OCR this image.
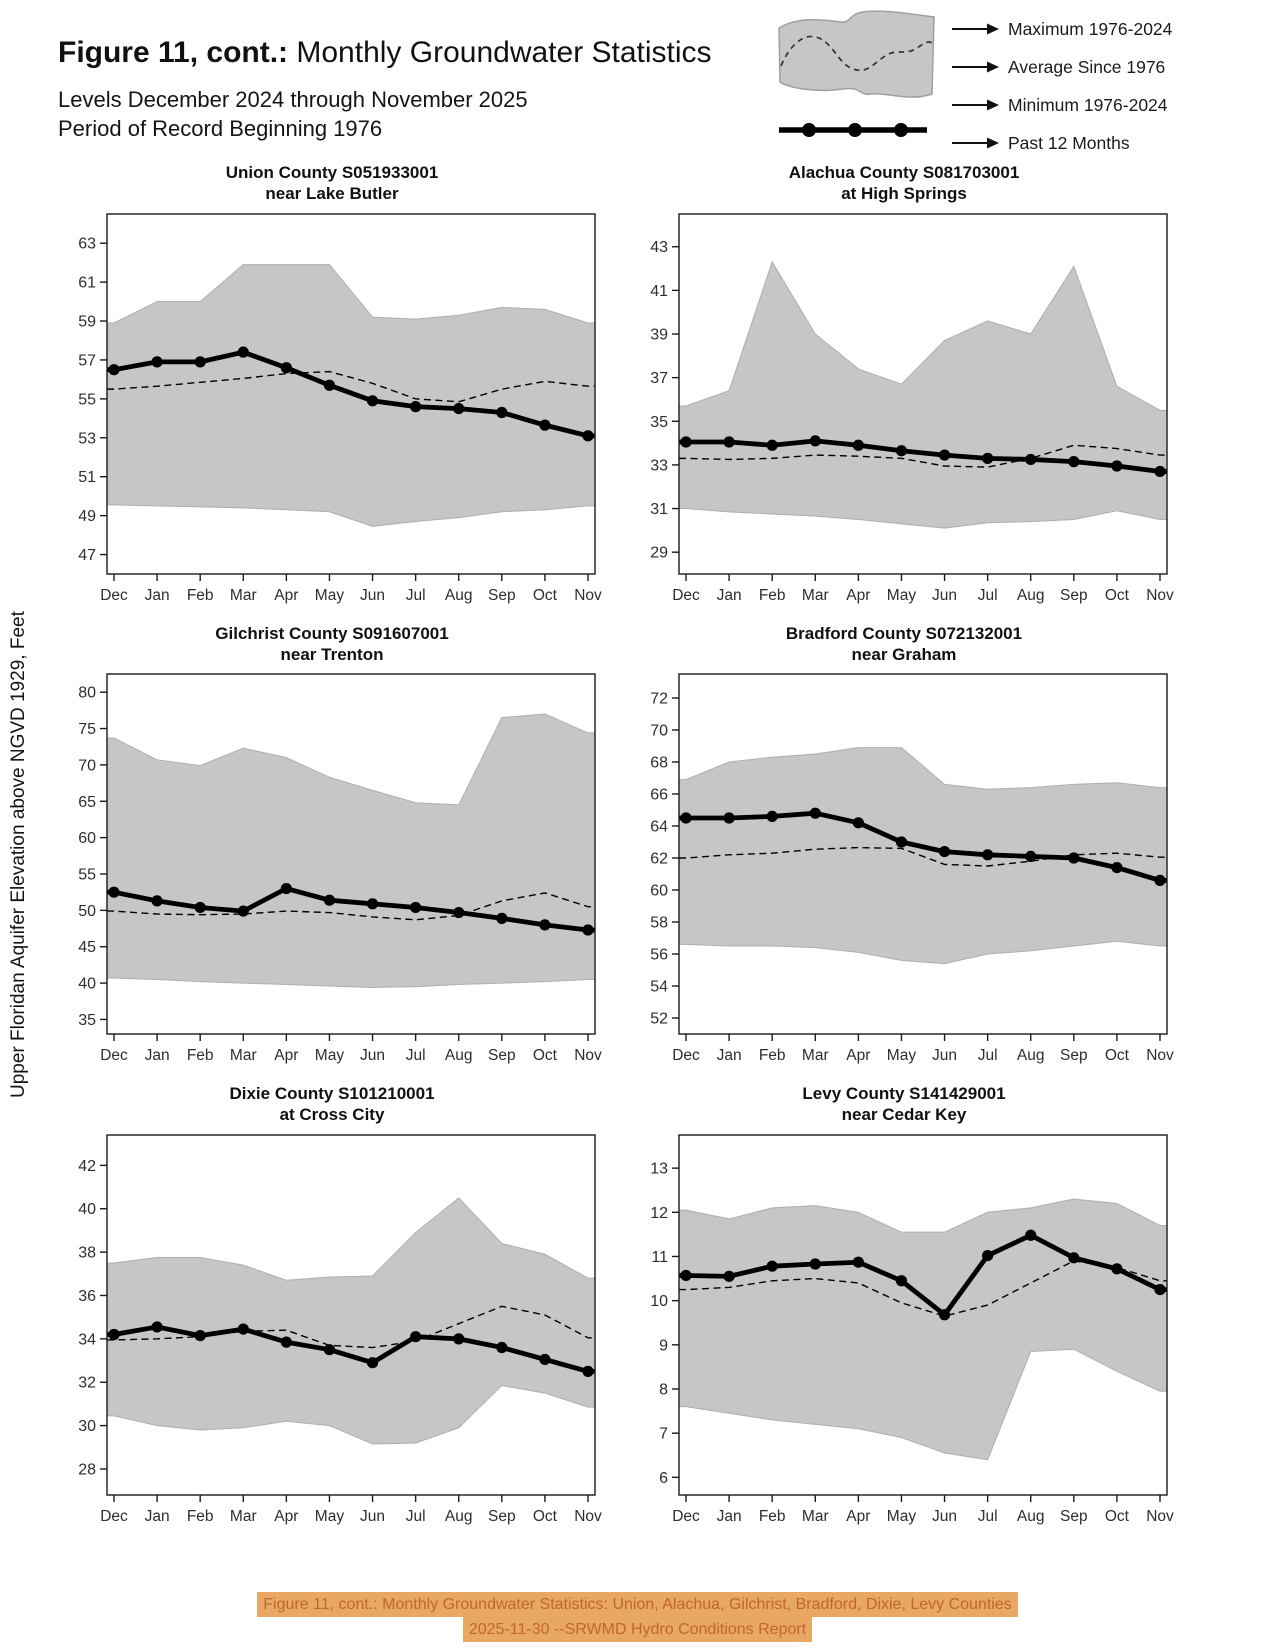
Figure 11, cont.: Monthly Groundwater Statistics
Levels December 2024 through November 2025
Period of Record Beginning 1976
Maximum 1976-2024
Average Since 1976
Minimum 1976-2024
Past 12 Months
Upper Floridan Aquifer Elevation above NGVD 1929, Feet
Union County S051933001
near Lake Butler
47
49
51
53
55
57
59
61
63
Dec Jan Feb Mar Apr May Jun Jul Aug Sep Oct Nov
Alachua County S081703001
at High Springs
29
31
33
35
37
39
41
43
Dec Jan Feb Mar Apr May Jun Jul Aug Sep Oct Nov
Gilchrist County S091607001
near Trenton
35
40
45
50
55
60
65
70
75
80
Dec Jan Feb Mar Apr May Jun Jul Aug Sep Oct Nov
Bradford County S072132001
near Graham
52
54
56
58
60
62
64
66
68
70
72
Dec Jan Feb Mar Apr May Jun Jul Aug Sep Oct Nov
Dixie County S101210001
at Cross City
28
30
32
34
36
38
40
42
Dec Jan Feb Mar Apr May Jun Jul Aug Sep Oct Nov
Levy County S141429001
near Cedar Key
6
7
8
9
10
11
12
13
Dec Jan Feb Mar Apr May Jun Jul Aug Sep Oct Nov
Figure 11, cont.: Monthly Groundwater Statistics: Union, Alachua, Gilchrist, Bradford, Dixie, Levy Counties
2025-11-30 --SRWMD Hydro Conditions Report
